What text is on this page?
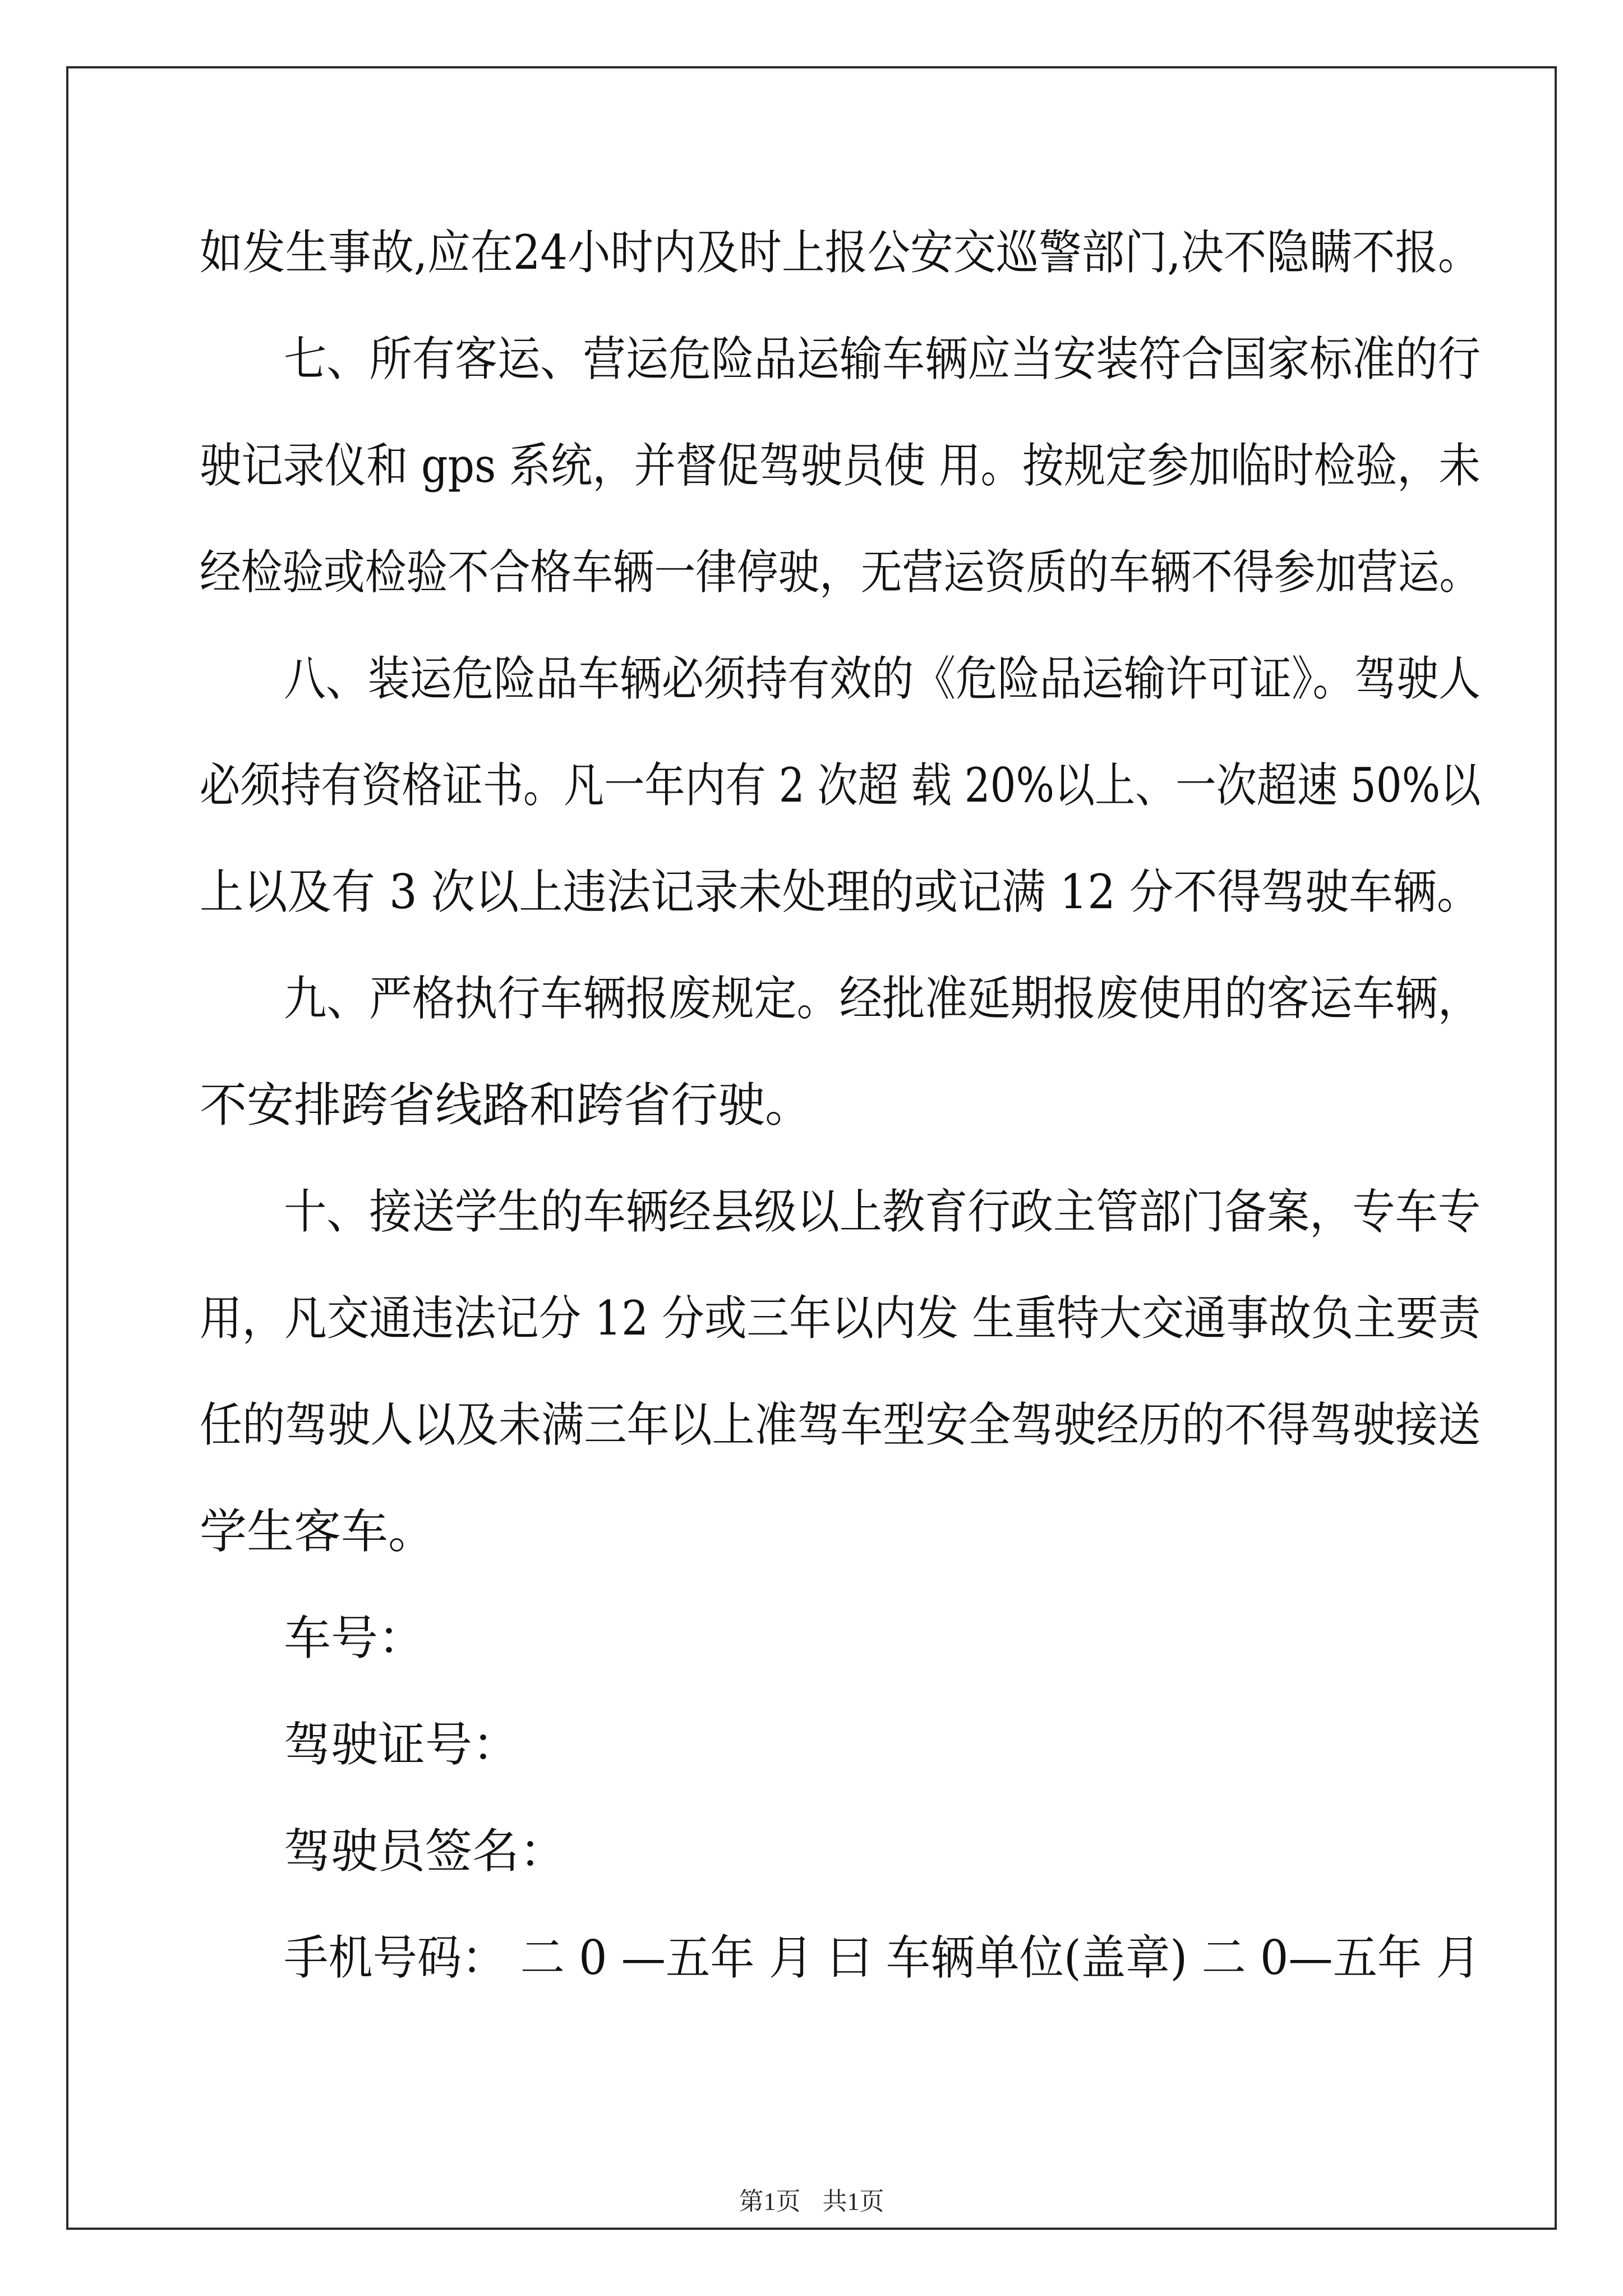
如发生事故,应在24小时内及时上报公安交巡警部门,决不隐瞒不报。

七、所有客运、营运危险品运输车辆应当安装符合国家标准的行

驶记录仪和 gps 系统，并督促驾驶员使 用。按规定参加临时检验，未

经检验或检验不合格车辆一律停驶，无营运资质的车辆不得参加营运。

八、装运危险品车辆必须持有效的《危险品运输许可证》。驾驶人

必须持有资格证书。凡一年内有 2 次超 载 20%以上、一次超速 50%以

上以及有 3 次以上违法记录未处理的或记满 12 分不得驾驶车辆。

九、严格执行车辆报废规定。经批准延期报废使用的客运车辆，

不安排跨省线路和跨省行驶。

十、接送学生的车辆经县级以上教育行政主管部门备案，专车专

用，凡交通违法记分 12 分或三年以内发 生重特大交通事故负主要责

任的驾驶人以及未满三年以上准驾车型安全驾驶经历的不得驾驶接送

学生客车。

车号：

驾驶证号：

驾驶员签名：

手机号码： 二 0 —五年 月 曰 车辆单位(盖章) 二 0—五年 月

第1页 共1页
